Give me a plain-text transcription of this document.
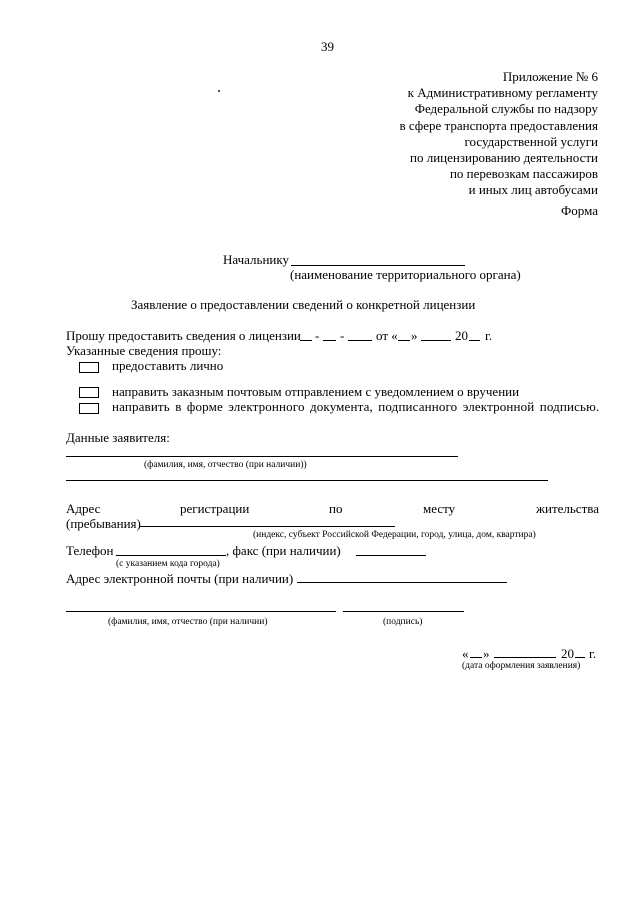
39
Приложение № 6
к Административному регламенту
Федеральной службы по надзору
в сфере транспорта предоставления
государственной услуги
по лицензированию деятельности
по перевозкам пассажиров
и иных лиц автобусами
Форма
Начальнику
(наименование территориального органа)
Заявление о предоставлении сведений о конкретной лицензии
Прошу предоставить сведения о лицензии - - от « »	20 г.
Указанные сведения прошу:
предоставить лично
направить заказным почтовым отправлением с уведомлением о вручении
направить в форме электронного документа, подписанного электронной подписью.
Данные заявителя:
(фамилия, имя, отчество (при наличии))
Адрес	регистрации	по	месту	жительства
(пребывания)
(индекс, субъект Российской Федерации, город, улица, дом, квартира)
Телефон	, факс (при наличии)
(с указанием кода города)
Адрес электронной почты (при наличии)
(фамилия, имя, отчество (при наличии)	(подпись)
« »	20 г.
(дата оформления заявления)
